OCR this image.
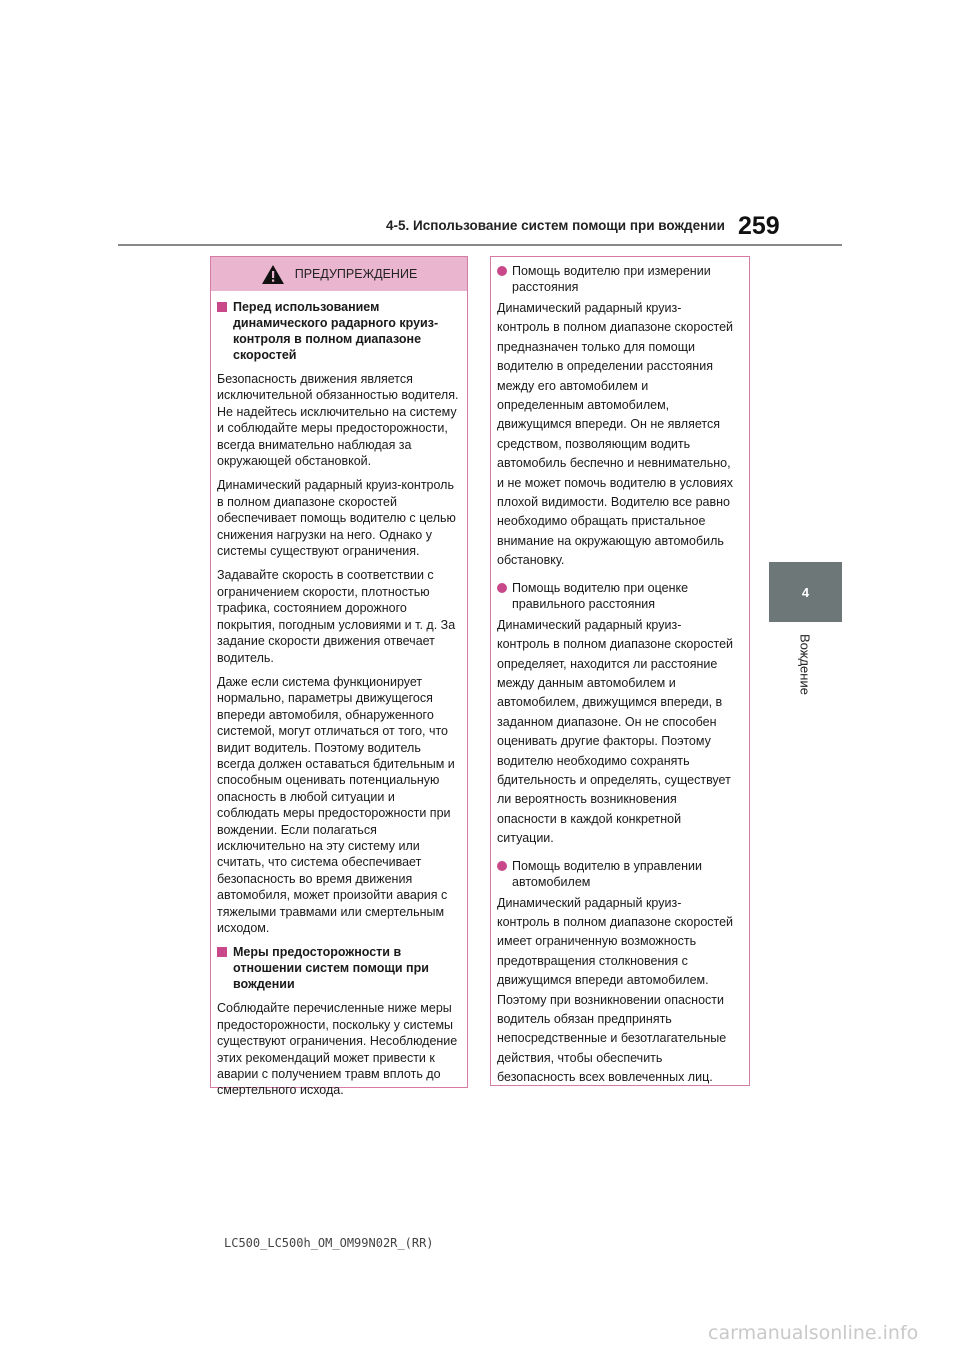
4-5. Использование систем помощи при вождении 259
4
Вождение
ПРЕДУПРЕЖДЕНИЕ
Перед использованием динамического радарного круиз-контроля в полном диапазоне скоростей

Безопасность движения является исключительной обязанностью водителя. Не надейтесь исключительно на систему и соблюдайте меры предосторожности, всегда внимательно наблюдая за окружающей обстановкой.

Динамический радарный круиз-контроль в полном диапазоне скоростей обеспечивает помощь водителю с целью снижения нагрузки на него. Однако у системы существуют ограничения.

Задавайте скорость в соответствии с ограничением скорости, плотностью трафика, состоянием дорожного покрытия, погодным условиями и т. д. За задание скорости движения отвечает водитель.

Даже если система функционирует нормально, параметры движущегося впереди автомобиля, обнаруженного системой, могут отличаться от того, что видит водитель. Поэтому водитель всегда должен оставаться бдительным и способным оценивать потенциальную опасность в любой ситуации и соблюдать меры предосторожности при вождении. Если полагаться исключительно на эту систему или считать, что система обеспечивает безопасность во время движения автомобиля, может произойти авария с тяжелыми травмами или смертельным исходом.

Меры предосторожности в отношении систем помощи при вождении

Соблюдайте перечисленные ниже меры предосторожности, поскольку у системы существуют ограничения. Несоблюдение этих рекомендаций может привести к аварии с получением травм вплоть до смертельного исхода.

Помощь водителю при измерении расстояния

Динамический радарный круиз-

контроль в полном диапазоне скоростей

предназначен только для помощи

водителю в определении расстояния

между его автомобилем и

определенным автомобилем,

движущимся впереди. Он не является

средством, позволяющим водить

автомобиль беспечно и невнимательно,

и не может помочь водителю в условиях

плохой видимости. Водителю все равно

необходимо обращать пристальное

внимание на окружающую автомобиль

обстановку.

Помощь водителю при оценке правильного расстояния

Динамический радарный круиз-

контроль в полном диапазоне скоростей

определяет, находится ли расстояние

между данным автомобилем и

автомобилем, движущимся впереди, в

заданном диапазоне. Он не способен

оценивать другие факторы. Поэтому

водителю необходимо сохранять

бдительность и определять, существует

ли вероятность возникновения

опасности в каждой конкретной

ситуации.

Помощь водителю в управлении автомобилем

Динамический радарный круиз-

контроль в полном диапазоне скоростей

имеет ограниченную возможность

предотвращения столкновения с

движущимся впереди автомобилем.

Поэтому при возникновении опасности

водитель обязан предпринять

непосредственные и безотлагательные

действия, чтобы обеспечить

безопасность всех вовлеченных лиц.

LC500_LC500h_OM_OM99N02R_(RR)
carmanualsonline.info
